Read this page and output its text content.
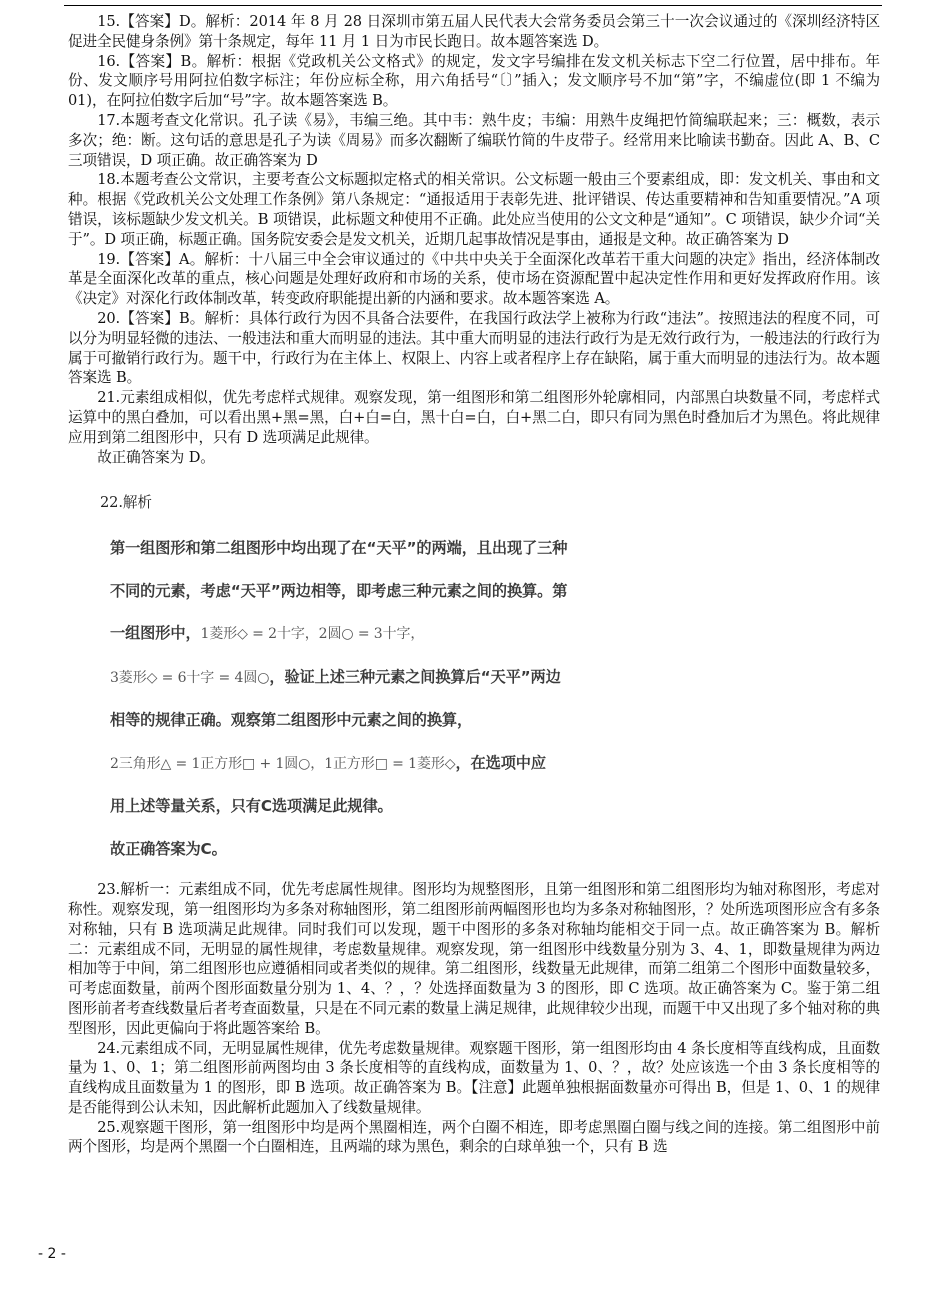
15.【答案】D。解析：2014 年 8 月 28 日深圳市第五届人民代表大会常务委员会第三十一次会议通过的《深圳经济特区促进全民健身条例》第十条规定，每年 11 月 1 日为市民长跑日。故本题答案选 D。

16.【答案】B。解析：根据《党政机关公文格式》的规定，发文字号编排在发文机关标志下空二行位置，居中排布。年份、发文顺序号用阿拉伯数字标注；年份应标全称，用六角括号“〔〕”插入；发文顺序号不加“第”字，不编虚位(即 1 不编为 01)，在阿拉伯数字后加“号”字。故本题答案选 B。

17.本题考查文化常识。孔子读《易》，韦编三绝。其中韦：熟牛皮；韦编：用熟牛皮绳把竹简编联起来；三：概数，表示多次；绝：断。这句话的意思是孔子为读《周易》而多次翻断了编联竹简的牛皮带子。经常用来比喻读书勤奋。因此 A、B、C 三项错误，D 项正确。故正确答案为 D

18.本题考查公文常识，主要考查公文标题拟定格式的相关常识。公文标题一般由三个要素组成，即：发文机关、事由和文种。根据《党政机关公文处理工作条例》第八条规定：“通报适用于表彰先进、批评错误、传达重要精神和告知重要情况。”A 项错误，该标题缺少发文机关。B 项错误，此标题文种使用不正确。此处应当使用的公文文种是“通知”。C 项错误，缺少介词“关于”。D 项正确，标题正确。国务院安委会是发文机关，近期几起事故情况是事由，通报是文种。故正确答案为 D

19.【答案】A。解析：十八届三中全会审议通过的《中共中央关于全面深化改革若干重大问题的决定》指出，经济体制改革是全面深化改革的重点，核心问题是处理好政府和市场的关系，使市场在资源配置中起决定性作用和更好发挥政府作用。该《决定》对深化行政体制改革，转变政府职能提出新的内涵和要求。故本题答案选 A。

20.【答案】B。解析：具体行政行为因不具备合法要件，在我国行政法学上被称为行政“违法”。按照违法的程度不同，可以分为明显轻微的违法、一般违法和重大而明显的违法。其中重大而明显的违法行政行为是无效行政行为，一般违法的行政行为属于可撤销行政行为。题干中，行政行为在主体上、权限上、内容上或者程序上存在缺陷，属于重大而明显的违法行为。故本题答案选 B。

21.元素组成相似，优先考虑样式规律。观察发现，第一组图形和第二组图形外轮廓相同，内部黑白块数量不同，考虑样式运算中的黑白叠加，可以看出黑+黑=黑，白+白=白，黑十白=白，白+黑二白，即只有同为黑色时叠加后才为黑色。将此规律应用到第二组图形中，只有 D 选项满足此规律。

故正确答案为 D。

22.解析

第一组图形和第二组图形中均出现了在“天平”的两端，且出现了三种
不同的元素，考虑“天平”两边相等，即考虑三种元素之间的换算。第
一组图形中，1菱形◇ = 2十字，2圆○ = 3十字，
3菱形◇ = 6十字 = 4圆○，验证上述三种元素之间换算后“天平”两边
相等的规律正确。观察第二组图形中元素之间的换算，
2三角形△ = 1正方形□ + 1圆○，1正方形□ = 1菱形◇，在选项中应
用上述等量关系，只有C选项满足此规律。
故正确答案为C。

23.解析一：元素组成不同，优先考虑属性规律。图形均为规整图形，且第一组图形和第二组图形均为轴对称图形，考虑对称性。观察发现，第一组图形均为多条对称轴图形，第二组图形前两幅图形也均为多条对称轴图形，？处所选项图形应含有多条对称轴，只有 B 选项满足此规律。同时我们可以发现，题干中图形的多条对称轴均能相交于同一点。故正确答案为 B。解析二：元素组成不同，无明显的属性规律，考虑数量规律。观察发现，第一组图形中线数量分别为 3、4、1，即数量规律为两边相加等于中间，第二组图形也应遵循相同或者类似的规律。第二组图形，线数量无此规律，而第二组第二个图形中面数量较多，可考虑面数量，前两个图形面数量分别为 1、4、？，？处选择面数量为 3 的图形，即 C 选项。故正确答案为 C。鉴于第二组图形前者考查线数量后者考查面数量，只是在不同元素的数量上满足规律，此规律较少出现，而题干中又出现了多个轴对称的典型图形，因此更偏向于将此题答案给 B。

24.元素组成不同，无明显属性规律，优先考虑数量规律。观察题干图形，第一组图形均由 4 条长度相等直线构成，且面数量为 1、0、1；第二组图形前两图均由 3 条长度相等的直线构成，面数量为 1、0、？，故？处应该选一个由 3 条长度相等的直线构成且面数量为 1 的图形，即 B 选项。故正确答案为 B。【注意】此题单独根据面数量亦可得出 B，但是 1、0、1 的规律是否能得到公认未知，因此解析此题加入了线数量规律。

25.观察题干图形，第一组图形中均是两个黑圈相连，两个白圈不相连，即考虑黑圈白圈与线之间的连接。第二组图形中前两个图形，均是两个黑圈一个白圈相连，且两端的球为黑色，剩余的白球单独一个，只有 B 选

- 2 -
